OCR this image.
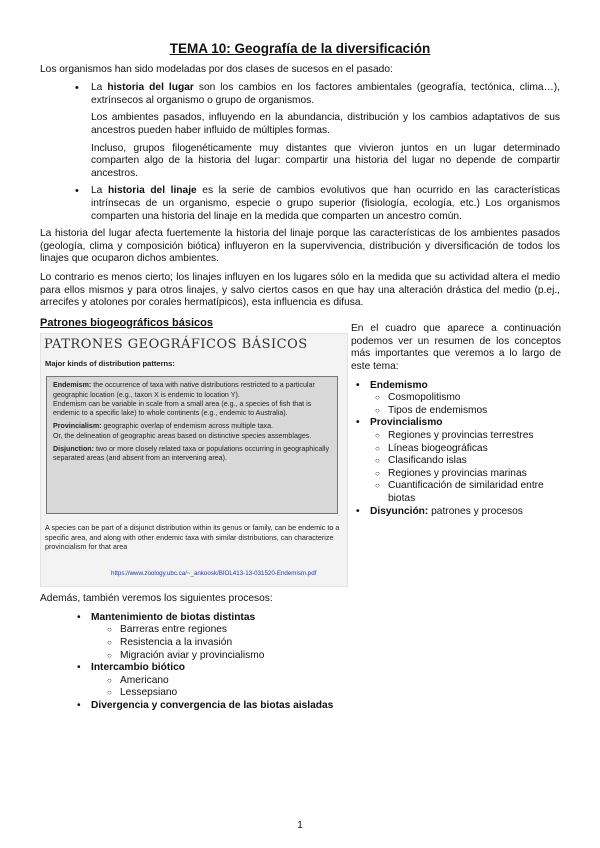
TEMA 10: Geografía de la diversificación

Los organismos han sido modeladas por dos clases de sucesos en el pasado:

• La historia del lugar son los cambios en los factores ambientales (geografía, tectónica, clima…), extrínsecos al organismo o grupo de organismos.

Los ambientes pasados, influyendo en la abundancia, distribución y los cambios adaptativos de sus ancestros pueden haber influido de múltiples formas.

Incluso, grupos filogenéticamente muy distantes que vivieron juntos en un lugar determinado comparten algo de la historia del lugar: compartir una historia del lugar no depende de compartir ancestros.

• La historia del linaje es la serie de cambios evolutivos que han ocurrido en las características intrínsecas de un organismo, especie o grupo superior (fisiología, ecología, etc.) Los organismos comparten una historia del linaje en la medida que comparten un ancestro común.

La historia del lugar afecta fuertemente la historia del linaje porque las características de los ambientes pasados (geología, clima y composición biótica) influyeron en la supervivencia, distribución y diversificación de todos los linajes que ocuparon dichos ambientes.

Lo contrario es menos cierto; los linajes influyen en los lugares sólo en la medida que su actividad altera el medio para ellos mismos y para otros linajes, y salvo ciertos casos en que hay una alteración drástica del medio (p.ej., arrecifes y atolones por corales hermatípicos), esta influencia es difusa.

Patrones biogeográficos básicos
PATRONES GEOGRÁFICOS BÁSICOS
Major kinds of distribution patterns:

Endemism: the occurrence of taxa with native distributions restricted to a particular geographic location (e.g., taxon X is endemic to location Y).
Endemism can be variable in scale from a small area (e.g., a species of fish that is endemic to a specific lake) to whole continents (e.g., endemic to Australia).

Provincialism: geographic overlap of endemism across multiple taxa.
Or, the delineation of geographic areas based on distinctive species assemblages.

Disjunction: two or more closely related taxa or populations occurring in geographically separated areas (and absent from an intervening area).

A species can be part of a disjunct distribution within its genus or family, can be endemic to a specific area, and along with other endemic taxa with similar distributions, can characterize provincialism for that area
https://www.zoology.ubc.ca/~_ankoosk/BIOL413-13-031520-Endemism.pdf

En el cuadro que aparece a continuación podemos ver un resumen de los conceptos más importantes que veremos a lo largo de este tema:

• Endemismo
○ Cosmopolitismo
○ Tipos de endemismos
• Provincialismo
○ Regiones y provincias terrestres
○ Líneas biogeográficas
○ Clasificando islas
○ Regiones y provincias marinas
○ Cuantificación de similaridad entre biotas
• Disyunción: patrones y procesos

Además, también veremos los siguientes procesos:

• Mantenimiento de biotas distintas
○ Barreras entre regiones
○ Resistencia a la invasión
○ Migración aviar y provincialismo
• Intercambio biótico
○ Americano
○ Lessepsiano
• Divergencia y convergencia de las biotas aisladas
1
